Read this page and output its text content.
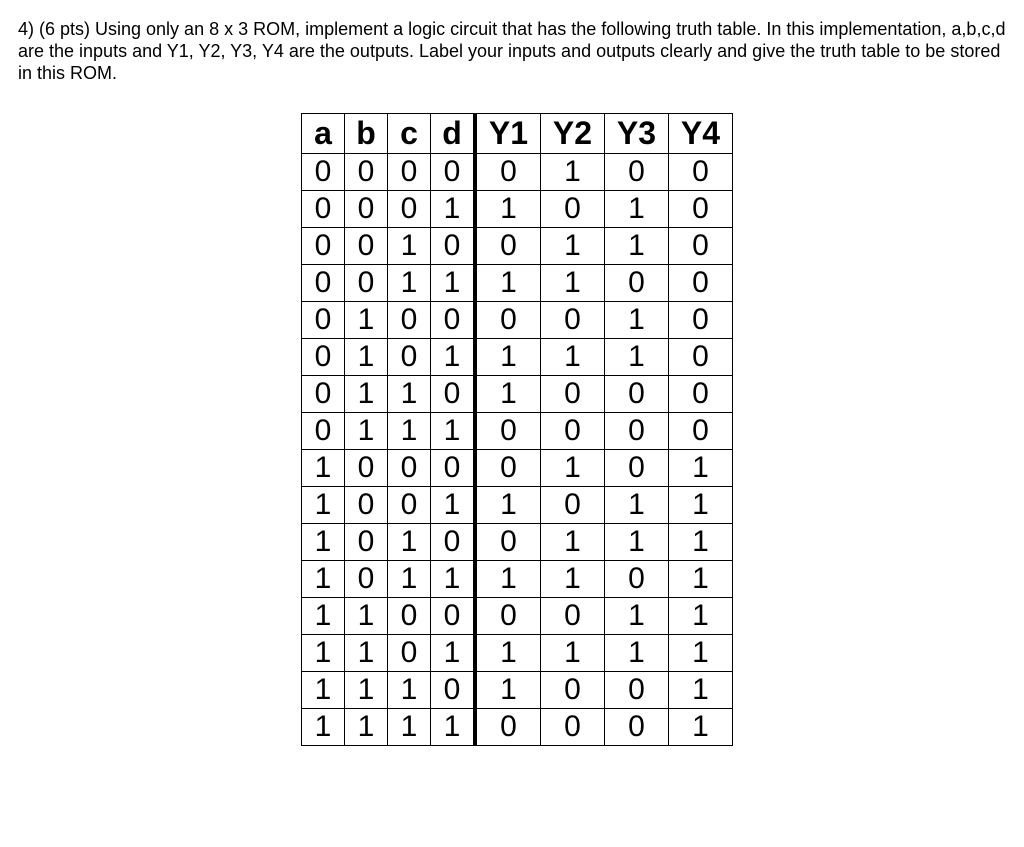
4) (6 pts) Using only an 8 x 3 ROM, implement a logic circuit that has the following truth table. In this implementation, a,b,c,d are the inputs and Y1, Y2, Y3, Y4 are the outputs. Label your inputs and outputs clearly and give the truth table to be stored in this ROM.

a	b	c	d	Y1	Y2	Y3	Y4
0	0	0	0	0	1	0	0
0	0	0	1	1	0	1	0
0	0	1	0	0	1	1	0
0	0	1	1	1	1	0	0
0	1	0	0	0	0	1	0
0	1	0	1	1	1	1	0
0	1	1	0	1	0	0	0
0	1	1	1	0	0	0	0
1	0	0	0	0	1	0	1
1	0	0	1	1	0	1	1
1	0	1	0	0	1	1	1
1	0	1	1	1	1	0	1
1	1	0	0	0	0	1	1
1	1	0	1	1	1	1	1
1	1	1	0	1	0	0	1
1	1	1	1	0	0	0	1
